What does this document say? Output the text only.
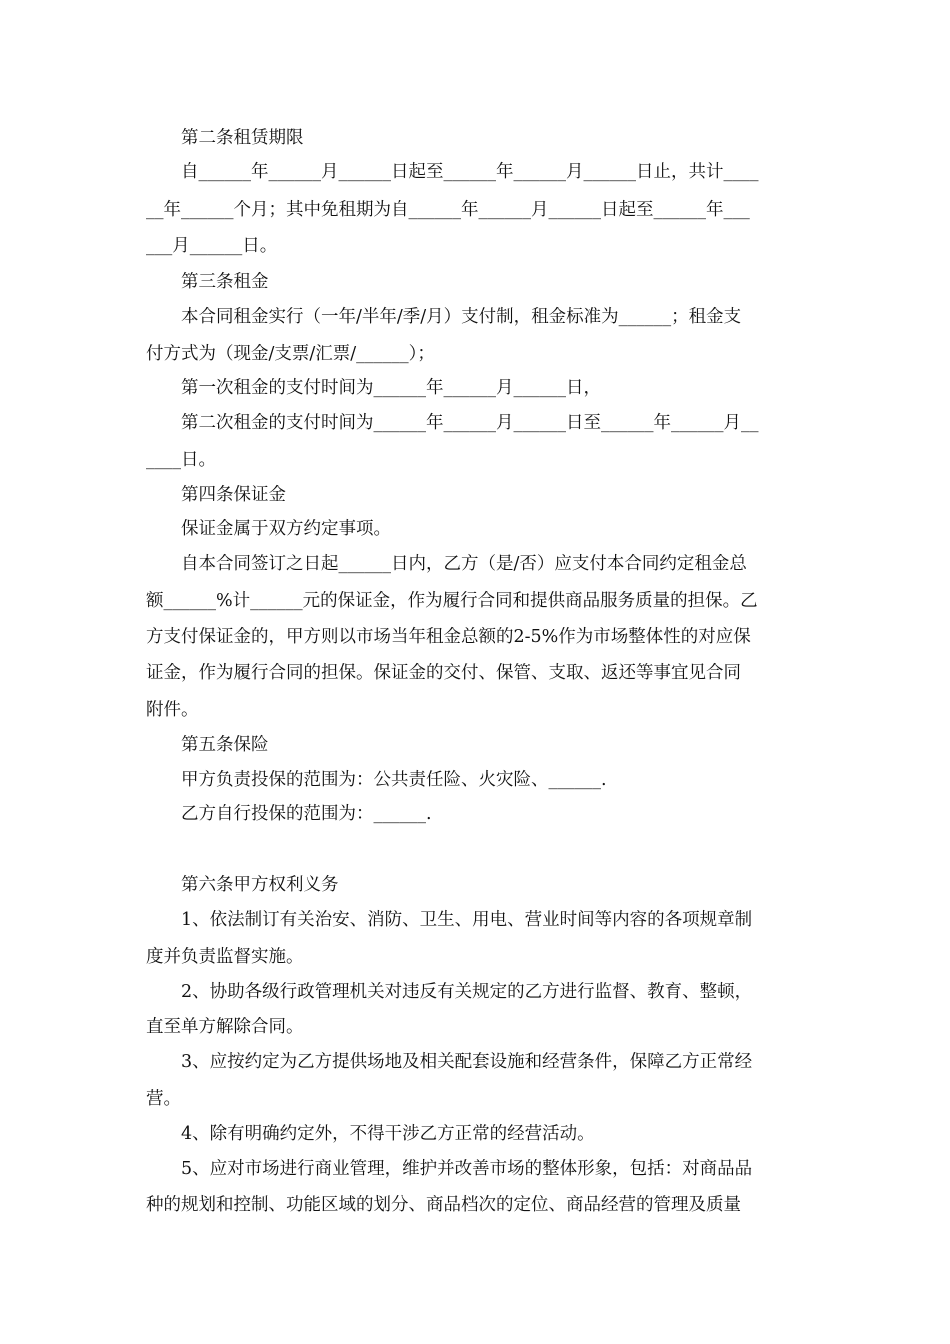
　　第二条租赁期限
　　自______年______月______日起至______年______月______日止，共计____
__年______个月；其中免租期为自______年______月______日起至______年___
___月______日。
　　第三条租金
　　本合同租金实行（一年/半年/季/月）支付制，租金标准为______；租金支
付方式为（现金/支票/汇票/______）；
　　第一次租金的支付时间为______年______月______日，
　　第二次租金的支付时间为______年______月______日至______年______月__
____日。
　　第四条保证金
　　保证金属于双方约定事项。
　　自本合同签订之日起______日内，乙方（是/否）应支付本合同约定租金总
额______%计______元的保证金，作为履行合同和提供商品服务质量的担保。乙
方支付保证金的，甲方则以市场当年租金总额的2-5%作为市场整体性的对应保
证金，作为履行合同的担保。保证金的交付、保管、支取、返还等事宜见合同
附件。
　　第五条保险
　　甲方负责投保的范围为：公共责任险、火灾险、______.
　　乙方自行投保的范围为：______.
　　第六条甲方权利义务
　　1、依法制订有关治安、消防、卫生、用电、营业时间等内容的各项规章制
度并负责监督实施。
　　2、协助各级行政管理机关对违反有关规定的乙方进行监督、教育、整顿，
直至单方解除合同。
　　3、应按约定为乙方提供场地及相关配套设施和经营条件，保障乙方正常经
营。
　　4、除有明确约定外，不得干涉乙方正常的经营活动。
　　5、应对市场进行商业管理，维护并改善市场的整体形象，包括：对商品品
种的规划和控制、功能区域的划分、商品档次的定位、商品经营的管理及质量
